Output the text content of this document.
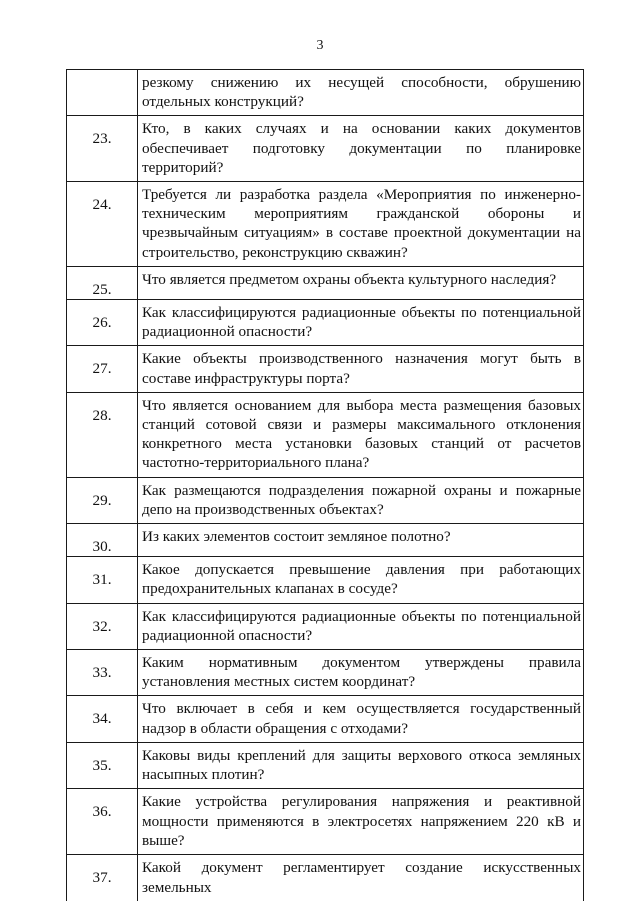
3
	резкому снижению их несущей способности, обрушению отдельных конструкций?
23.	Кто, в каких случаях и на основании каких документов обеспечивает подготовку документации по планировке территорий?
24.	Требуется ли разработка раздела «Мероприятия по инженерно-техническим мероприятиям гражданской обороны и чрезвычайным ситуациям» в составе проектной документации на строительство, реконструкцию скважин?
25.	Что является предметом охраны объекта культурного наследия?
26.	Как классифицируются радиационные объекты по потенциальной радиационной опасности?
27.	Какие объекты производственного назначения могут быть в составе инфраструктуры порта?
28.	Что является основанием для выбора места размещения базовых станций сотовой связи и размеры максимального отклонения конкретного места установки базовых станций от расчетов частотно-территориального плана?
29.	Как размещаются подразделения пожарной охраны и пожарные депо на производственных объектах?
30.	Из каких элементов состоит земляное полотно?
31.	Какое допускается превышение давления при работающих предохранительных клапанах в сосуде?
32.	Как классифицируются радиационные объекты по потенциальной радиационной опасности?
33.	Каким нормативным документом утверждены правила установления местных систем координат?
34.	Что включает в себя и кем осуществляется государственный надзор в области обращения с отходами?
35.	Каковы виды креплений для защиты верхового откоса земляных насыпных плотин?
36.	Какие устройства регулирования напряжения и реактивной мощности применяются в электросетях напряжением 220 кВ и выше?
37.	Какой документ регламентирует создание искусственных земельных
